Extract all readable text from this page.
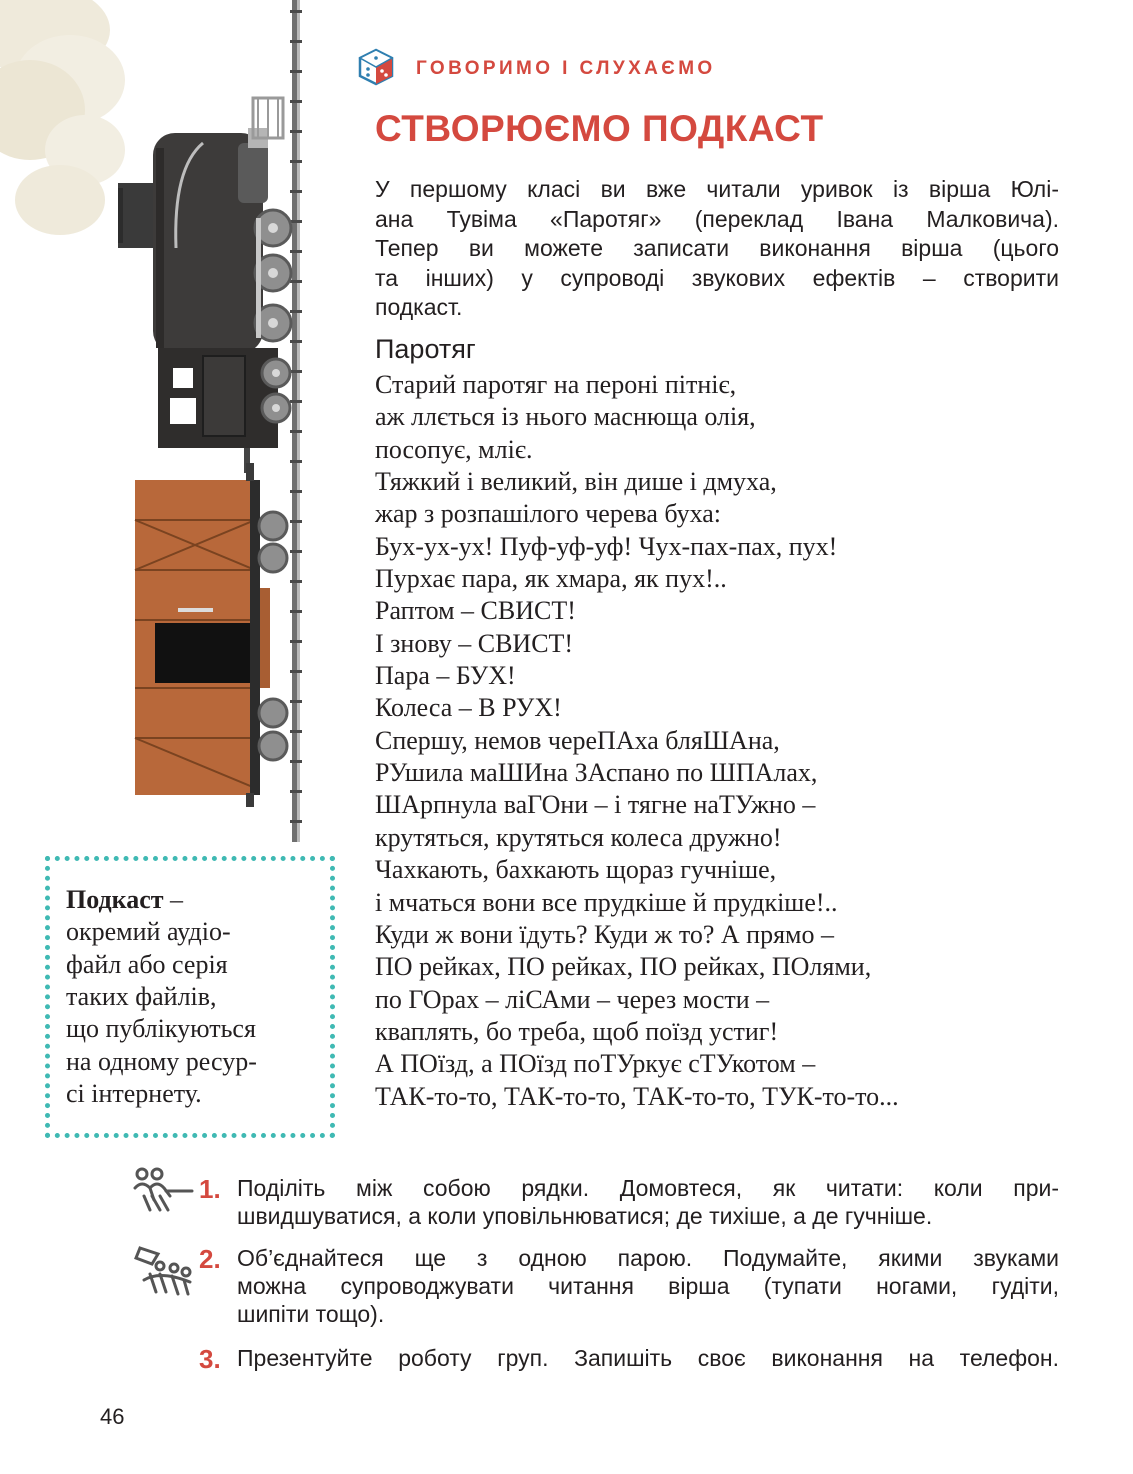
ГОВОРИМО І СЛУХАЄМО
СТВОРЮЄМО ПОДКАСТ
У першому класі ви вже читали уривок із вірша Юлі-
ана Тувіма «Паротяг» (переклад Івана Малковича).
Тепер ви можете записати виконання вірша (цього
та інших) у супроводі звукових ефектів – створити
подкаст.
Паротяг
Старий паротяг на пероні пітніє,
аж ллється із нього маснюща олія,
посопує, мліє.
Тяжкий і великий, він дише і дмуха,
жар з розпашілого черева буха:
Бух-ух-ух! Пуф-уф-уф! Чух-пах-пах, пух!
Пурхає пара, як хмара, як пух!..
Раптом – СВИСТ!
І знову – СВИСТ!
Пара – БУХ!
Колеса – В РУХ!
Спершу, немов череПАха бляШАна,
РУшила маШИна ЗАспано по ШПАлах,
ШАрпнула ваГОни – і тягне наТУжно –
крутяться, крутяться колеса дружно!
Чахкають, бахкають щораз гучніше,
і мчаться вони все прудкіше й прудкіше!..
Куди ж вони їдуть? Куди ж то? А прямо –
ПО рейках, ПО рейках, ПО рейках, ПОлями,
по ГОрах – ліСАми – через мости –
кваплять, бо треба, щоб поїзд устиг!
А ПОїзд, а ПОїзд поТУркує сТУкотом –
ТАК-то-то, ТАК-то-то, ТАК-то-то, ТУК-то-то...
Подкаст –
окремий аудіо-
файл або серія
таких файлів,
що публікуються
на одному ресур-
сі інтернету.
1. Поділіть між собою рядки. Домовтеся, як читати: коли при-
швидшуватися, а коли уповільнюватися; де тихіше, а де гучніше.
2. Об’єднайтеся ще з одною парою. Подумайте, якими звуками
можна супроводжувати читання вірша (тупати ногами, гудіти,
шипіти тощо).
3. Презентуйте роботу груп. Запишіть своє виконання на телефон.
46
